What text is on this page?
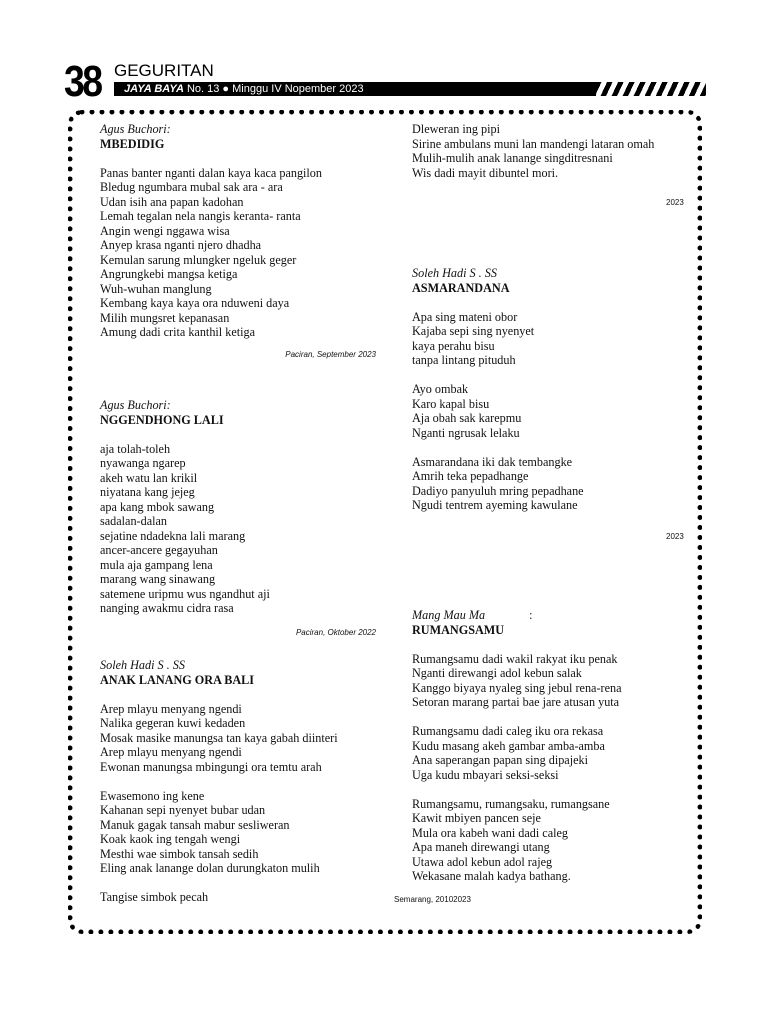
38 GEGURITAN
JAYA BAYA No. 13 ● Minggu IV Nopember 2023
Agus Buchori:
MBEDIDIG
Panas banter nganti dalan kaya kaca pangilon
Bledug ngumbara mubal sak ara - ara
Udan isih ana papan kadohan
Lemah tegalan nela nangis keranta- ranta
Angin wengi nggawa wisa
Anyep krasa nganti njero dhadha
Kemulan sarung mlungker ngeluk geger
Angrungkebi mangsa ketiga
Wuh-wuhan manglung
Kembang kaya kaya ora nduweni daya
Milih mungsret kepanasan
Amung dadi crita kanthil ketiga
Paciran, September 2023
Agus Buchori:
NGGENDHONG LALI
aja tolah-toleh
nyawanga ngarep
akeh watu lan krikil
niyatana kang jejeg
apa kang mbok sawang
sadalan-dalan
sejatine ndadekna lali marang
ancer-ancere gegayuhan
mula aja gampang lena
marang wang sinawang
satemene uripmu wus ngandhut aji
nanging awakmu cidra rasa
Paciran, Oktober 2022
Soleh Hadi S . SS
ANAK LANANG ORA BALI
Arep mlayu menyang ngendi
Nalika gegeran kuwi kedaden
Mosak masike manungsa tan kaya gabah diinteri
Arep mlayu menyang ngendi
Ewonan manungsa mbingungi ora temtu arah
Ewasemono ing kene
Kahanan sepi nyenyet bubar udan
Manuk gagak tansah mabur sesliweran
Koak kaok ing tengah wengi
Mesthi wae simbok tansah sedih
Eling anak lanange dolan durungkaton mulih
Tangise simbok pecah
Dleweran ing pipi
Sirine ambulans muni lan mandengi lataran omah
Mulih-mulih anak lanange singditresnani
Wis dadi mayit dibuntel mori.
2023
Soleh Hadi S . SS
ASMARANDANA
Apa sing mateni obor
Kajaba sepi sing nyenyet
kaya perahu bisu
tanpa lintang pituduh
Ayo ombak
Karo kapal bisu
Aja obah sak karepmu
Nganti ngrusak lelaku
Asmarandana iki dak tembangke
Amrih teka pepadhange
Dadiyo panyuluh mring pepadhane
Ngudi tentrem ayeming kawulane
2023
Mang Mau Ma	:
RUMANGSAMU
Rumangsamu dadi wakil rakyat iku penak
Nganti direwangi adol kebun salak
Kanggo biyaya nyaleg sing jebul rena-rena
Setoran marang partai bae jare atusan yuta
Rumangsamu dadi caleg iku ora rekasa
Kudu masang akeh gambar amba-amba
Ana saperangan papan sing dipajeki
Uga kudu mbayari seksi-seksi
Rumangsamu, rumangsaku, rumangsane
Kawit mbiyen pancen seje
Mula ora kabeh wani dadi caleg
Apa maneh direwangi utang
Utawa adol kebun adol rajeg
Wekasane malah kadya bathang.
Semarang, 20102023
